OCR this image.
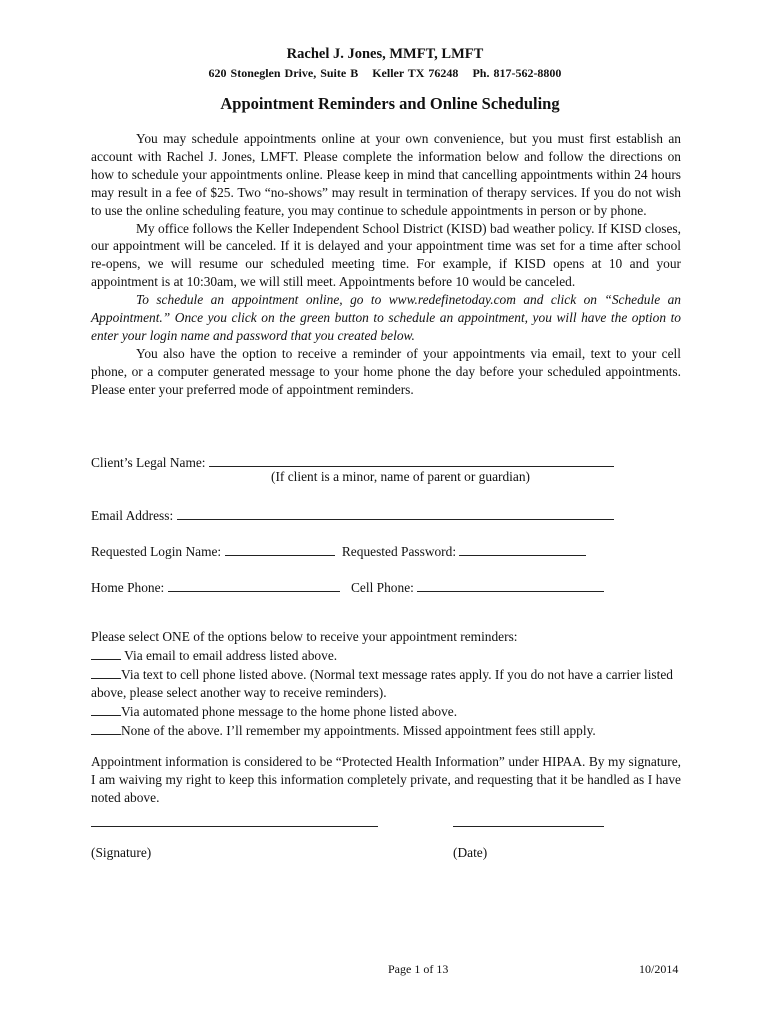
Rachel J. Jones, MMFT, LMFT
620 Stoneglen Drive, Suite B Keller TX 76248 Ph. 817-562-8800
Appointment Reminders and Online Scheduling

You may schedule appointments online at your own convenience, but you must first establish an account with Rachel J. Jones, LMFT. Please complete the information below and follow the directions on how to schedule your appointments online. Please keep in mind that cancelling appointments within 24 hours may result in a fee of $25. Two “no-shows” may result in termination of therapy services. If you do not wish to use the online scheduling feature, you may continue to schedule appointments in person or by phone.

My office follows the Keller Independent School District (KISD) bad weather policy. If KISD closes, our appointment will be canceled. If it is delayed and your appointment time was set for a time after school re-opens, we will resume our scheduled meeting time. For example, if KISD opens at 10 and your appointment is at 10:30am, we will still meet. Appointments before 10 would be canceled.

To schedule an appointment online, go to www.redefinetoday.com and click on “Schedule an Appointment.” Once you click on the green button to schedule an appointment, you will have the option to enter your login name and password that you created below.

You also have the option to receive a reminder of your appointments via email, text to your cell phone, or a computer generated message to your home phone the day before your scheduled appointments. Please enter your preferred mode of appointment reminders.

Client’s Legal Name:
(If client is a minor, name of parent or guardian)
Email Address:
Requested Login Name:	Requested Password:
Home Phone:	Cell Phone:

Please select ONE of the options below to receive your appointment reminders:

Via email to email address listed above.

Via text to cell phone listed above. (Normal text message rates apply. If you do not have a carrier listed above, please select another way to receive reminders).

Via automated phone message to the home phone listed above.

None of the above. I’ll remember my appointments. Missed appointment fees still apply.

Appointment information is considered to be “Protected Health Information” under HIPAA. By my signature, I am waiving my right to keep this information completely private, and requesting that it be handled as I have noted above.
(Signature)	(Date)
Page 1 of 13	10/2014
